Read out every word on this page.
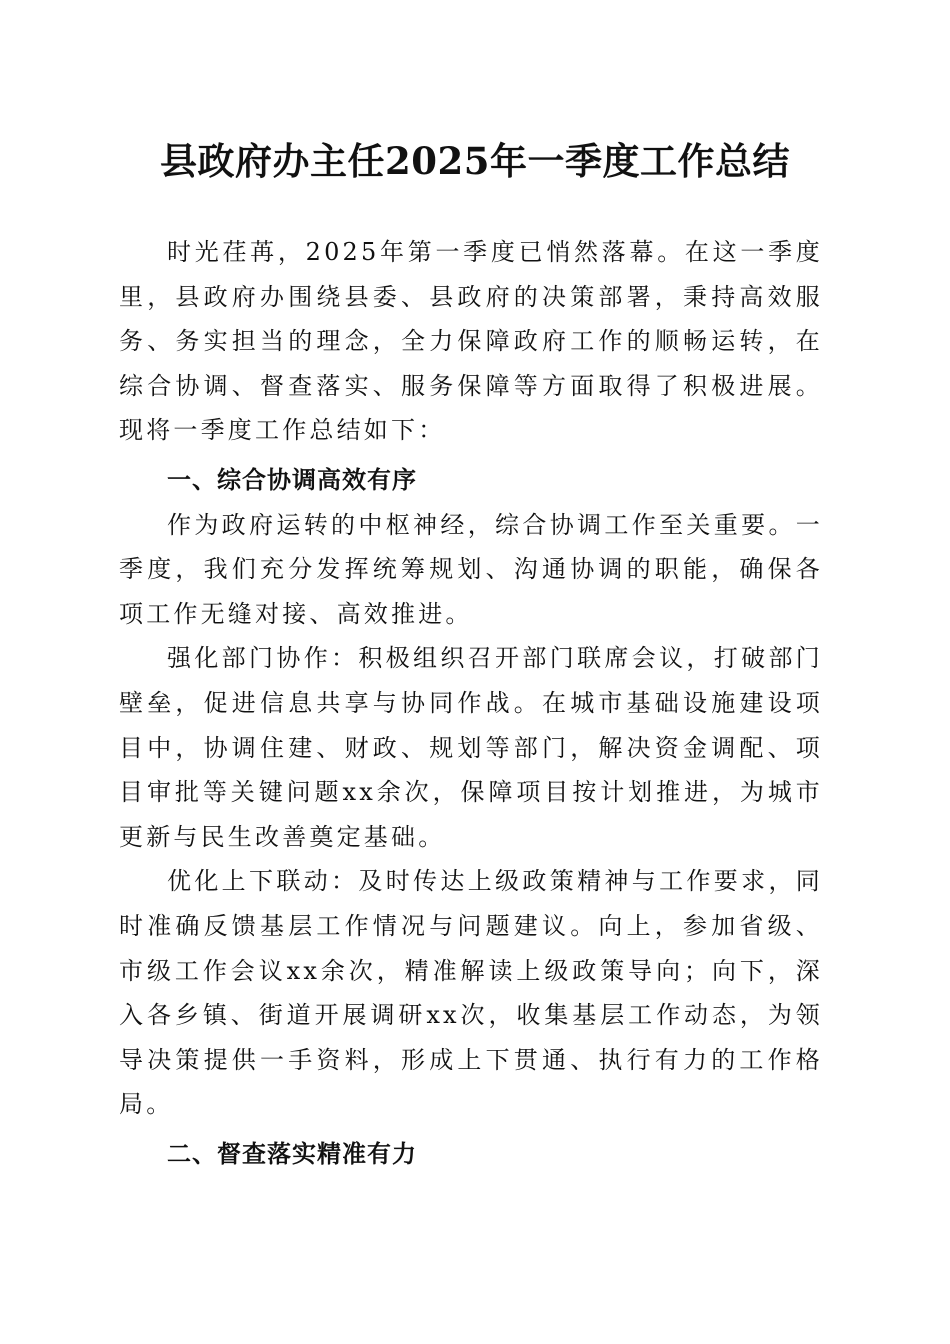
县政府办主任2025年一季度工作总结

时光荏苒，2025年第一季度已悄然落幕。在这一季度里，县政府办围绕县委、县政府的决策部署，秉持高效服务、务实担当的理念，全力保障政府工作的顺畅运转，在综合协调、督查落实、服务保障等方面取得了积极进展。现将一季度工作总结如下：

一、综合协调高效有序

作为政府运转的中枢神经，综合协调工作至关重要。一季度，我们充分发挥统筹规划、沟通协调的职能，确保各项工作无缝对接、高效推进。

强化部门协作：积极组织召开部门联席会议，打破部门壁垒，促进信息共享与协同作战。在城市基础设施建设项目中，协调住建、财政、规划等部门，解决资金调配、项目审批等关键问题xx余次，保障项目按计划推进，为城市更新与民生改善奠定基础。

优化上下联动：及时传达上级政策精神与工作要求，同时准确反馈基层工作情况与问题建议。向上，参加省级、市级工作会议xx余次，精准解读上级政策导向；向下，深入各乡镇、街道开展调研xx次，收集基层工作动态，为领导决策提供一手资料，形成上下贯通、执行有力的工作格局。

二、督查落实精准有力
